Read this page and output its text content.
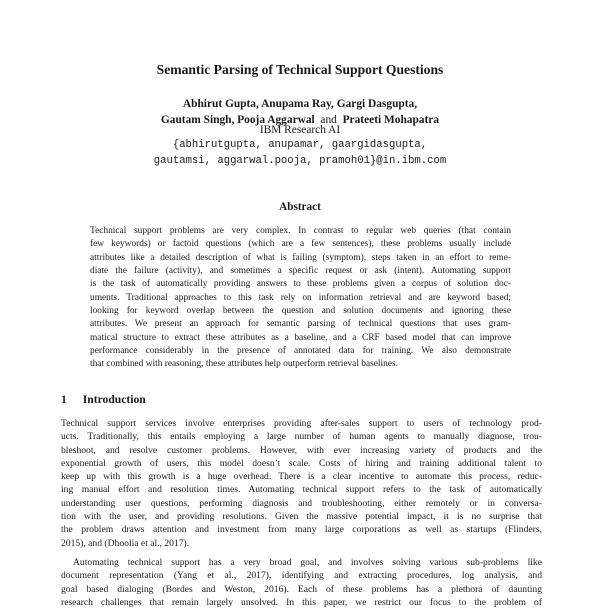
Semantic Parsing of Technical Support Questions
Abhirut Gupta, Anupama Ray, Gargi Dasgupta,
Gautam Singh, Pooja Aggarwal and Prateeti Mohapatra
IBM Research AI
{abhirutgupta, anupamar, gaargidasgupta,
gautamsi, aggarwal.pooja, pramoh01}@in.ibm.com
Abstract
Technical support problems are very complex. In contrast to regular web queries (that contain
few keywords) or factoid questions (which are a few sentences), these problems usually include
attributes like a detailed description of what is failing (symptom), steps taken in an effort to reme-
diate the failure (activity), and sometimes a specific request or ask (intent). Automating support
is the task of automatically providing answers to these problems given a corpus of solution doc-
uments. Traditional approaches to this task rely on information retrieval and are keyword based;
looking for keyword overlap between the question and solution documents and ignoring these
attributes. We present an approach for semantic parsing of technical questions that uses gram-
matical structure to extract these attributes as a baseline, and a CRF based model that can improve
performance considerably in the presence of annotated data for training. We also demonstrate
that combined with reasoning, these attributes help outperform retrieval baselines.
1 Introduction
Technical support services involve enterprises providing after-sales support to users of technology prod-
ucts. Traditionally, this entails employing a large number of human agents to manually diagnose, trou-
bleshoot, and resolve customer problems. However, with ever increasing variety of products and the
exponential growth of users, this model doesn’t scale. Costs of hiring and training additional talent to
keep up with this growth is a huge overhead. There is a clear incentive to automate this process, reduc-
ing manual effort and resolution times. Automating technical support refers to the task of automatically
understanding user questions, performing diagnosis and troubleshooting, either remotely or in conversa-
tion with the user, and providing resolutions. Given the massive potential impact, it is no surprise that
the problem draws attention and investment from many large corporations as well as startups (Flinders,
2015), and (Dhoolia et al., 2017).
Automating technical support has a very broad goal, and involves solving various sub-problems like
document representation (Yang et al., 2017), identifying and extracting procedures, log analysis, and
goal based dialoging (Bordes and Weston, 2016). Each of these problems has a plethora of daunting
research challenges that remain largely unsolved. In this paper, we restrict our focus to the problem of
